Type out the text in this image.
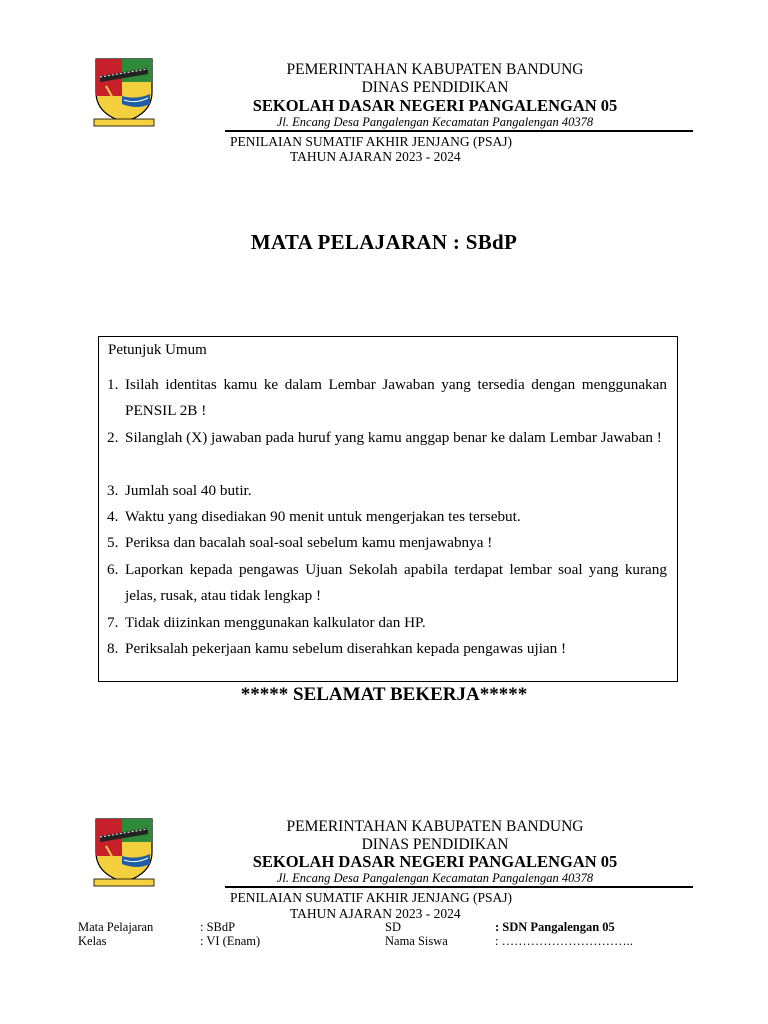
PEMERINTAHAN KABUPATEN BANDUNG
DINAS PENDIDIKAN
SEKOLAH DASAR NEGERI PANGALENGAN 05
Jl. Encang Desa Pangalengan Kecamatan Pangalengan 40378
PENILAIAN SUMATIF AKHIR JENJANG (PSAJ)
TAHUN AJARAN 2023 - 2024
MATA PELAJARAN : SBdP
Petunjuk Umum
1. Isilah identitas kamu ke dalam Lembar Jawaban yang tersedia dengan menggunakan PENSIL 2B !
2. Silanglah (X) jawaban pada huruf yang kamu anggap benar ke dalam Lembar Jawaban !
3. Jumlah soal 40 butir.
4. Waktu yang disediakan 90 menit untuk mengerjakan tes tersebut.
5. Periksa dan bacalah soal-soal sebelum kamu menjawabnya !
6. Laporkan kepada pengawas Ujuan Sekolah apabila terdapat lembar soal yang kurang jelas, rusak, atau tidak lengkap !
7. Tidak diizinkan menggunakan kalkulator dan HP.
8. Periksalah pekerjaan kamu sebelum diserahkan kepada pengawas ujian !
***** SELAMAT BEKERJA*****
PEMERINTAHAN KABUPATEN BANDUNG
DINAS PENDIDIKAN
SEKOLAH DASAR NEGERI PANGALENGAN 05
Jl. Encang Desa Pangalengan Kecamatan Pangalengan 40378
PENILAIAN SUMATIF AKHIR JENJANG (PSAJ)
TAHUN AJARAN 2023 - 2024
Mata Pelajaran	: SBdP	SD	: SDN Pangalengan 05
Kelas	: VI (Enam)	Nama Siswa	: …………………………..
